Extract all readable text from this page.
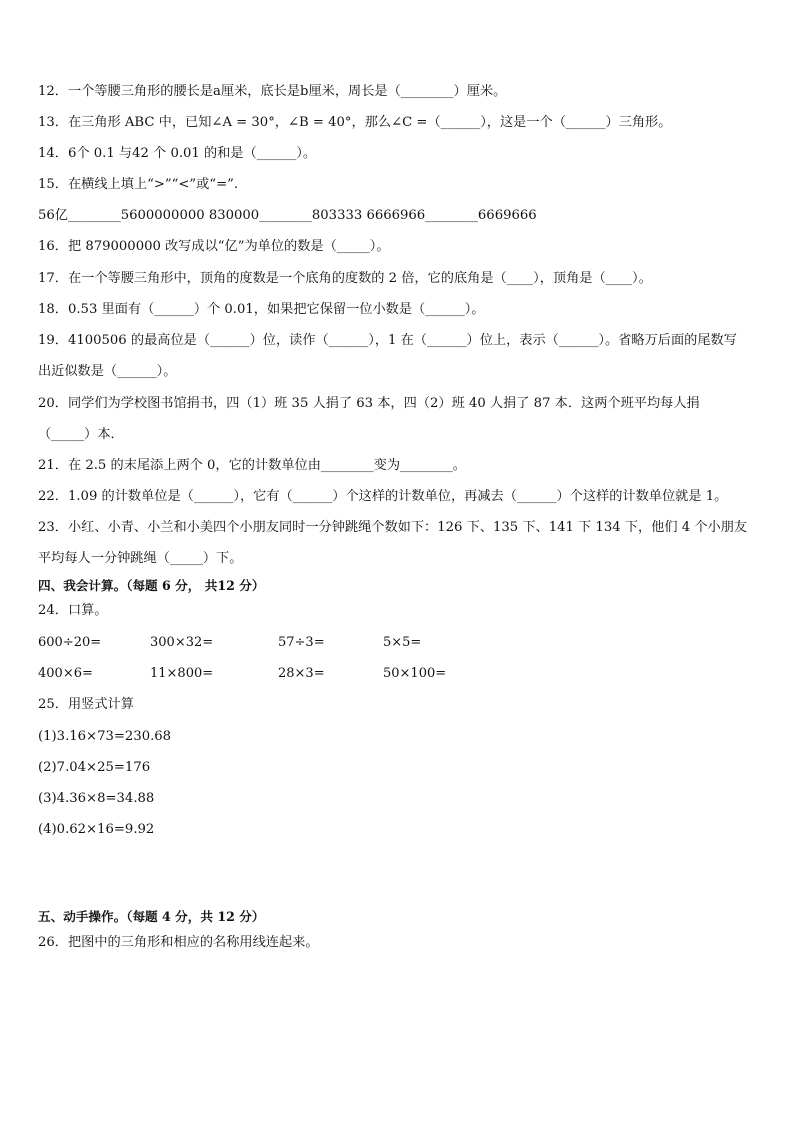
12．一个等腰三角形的腰长是a厘米，底长是b厘米，周长是（________）厘米。
13．在三角形 ABC 中，已知∠A = 30°，∠B = 40°，那么∠C =（______），这是一个（______）三角形。
14．6个 0.1 与42 个 0.01 的和是（______）。
15．在横线上填上“>”“<”或“=”.
56亿________5600000000 830000________803333 6666966________6669666
16．把 879000000 改写成以“亿”为单位的数是（_____）。
17．在一个等腰三角形中，顶角的度数是一个底角的度数的 2 倍，它的底角是（____），顶角是（____）。
18．0.53 里面有（______）个 0.01，如果把它保留一位小数是（______）。
19．4100506 的最高位是（______）位，读作（______），1 在（______）位上，表示（______）。省略万后面的尾数写
出近似数是（______）。
20．同学们为学校图书馆捐书，四（1）班 35 人捐了 63 本，四（2）班 40 人捐了 87 本．这两个班平均每人捐
（_____）本．
21．在 2.5 的末尾添上两个 0，它的计数单位由________变为________。
22．1.09 的计数单位是（______），它有（______）个这样的计数单位，再减去（______）个这样的计数单位就是 1。
23．小红、小青、小兰和小美四个小朋友同时一分钟跳绳个数如下：126 下、135 下、141 下 134 下，他们 4 个小朋友
平均每人一分钟跳绳（_____）下。
四、我会计算。（每题 6 分， 共12 分）
24．口算。
600÷20=	300×32=	57÷3=	5×5=
400×6=	11×800=	28×3=	50×100=
25．用竖式计算
(1)3.16×73=230.68
(2)7.04×25=176
(3)4.36×8=34.88
(4)0.62×16=9.92
五、动手操作。（每题 4 分，共 12 分）
26．把图中的三角形和相应的名称用线连起来。
